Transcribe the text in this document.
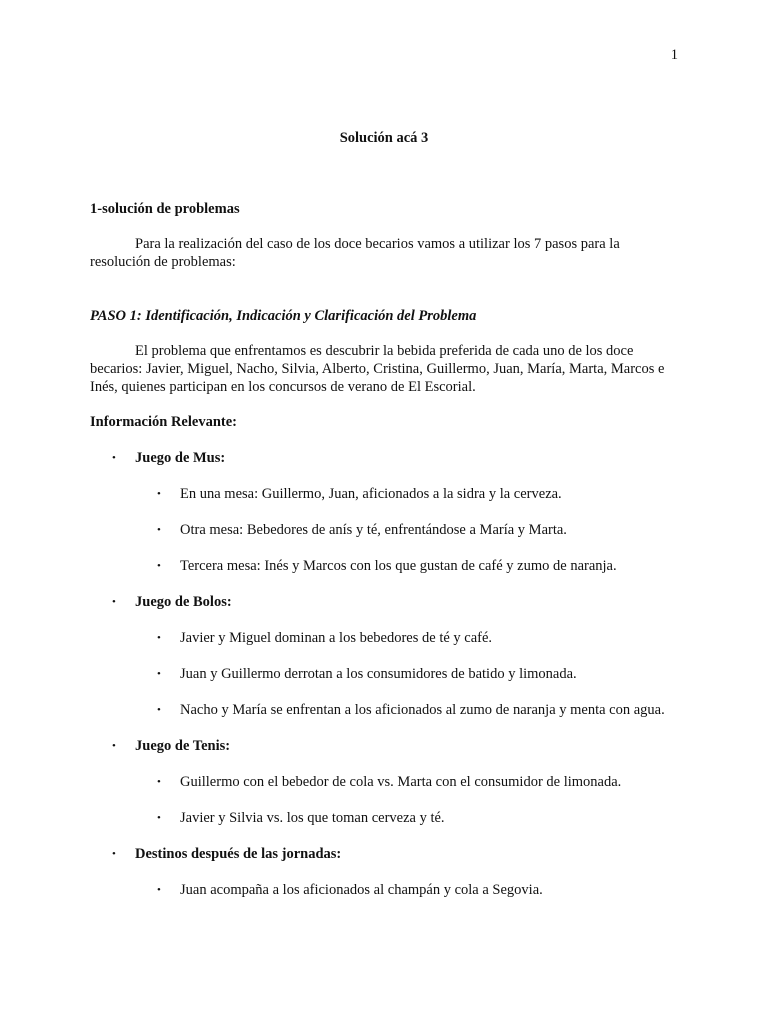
1
Solución acá 3
1-solución de problemas
Para la realización del caso de los doce becarios vamos a utilizar los 7 pasos para la resolución de problemas:
PASO 1: Identificación, Indicación y Clarificación del Problema
El problema que enfrentamos es descubrir la bebida preferida de cada uno de los doce becarios: Javier, Miguel, Nacho, Silvia, Alberto, Cristina, Guillermo, Juan, María, Marta, Marcos e Inés, quienes participan en los concursos de verano de El Escorial.
Información Relevante:
• Juego de Mus:
• En una mesa: Guillermo, Juan, aficionados a la sidra y la cerveza.
• Otra mesa: Bebedores de anís y té, enfrentándose a María y Marta.
• Tercera mesa: Inés y Marcos con los que gustan de café y zumo de naranja.
• Juego de Bolos:
• Javier y Miguel dominan a los bebedores de té y café.
• Juan y Guillermo derrotan a los consumidores de batido y limonada.
• Nacho y María se enfrentan a los aficionados al zumo de naranja y menta con agua.
• Juego de Tenis:
• Guillermo con el bebedor de cola vs. Marta con el consumidor de limonada.
• Javier y Silvia vs. los que toman cerveza y té.
• Destinos después de las jornadas:
• Juan acompaña a los aficionados al champán y cola a Segovia.
